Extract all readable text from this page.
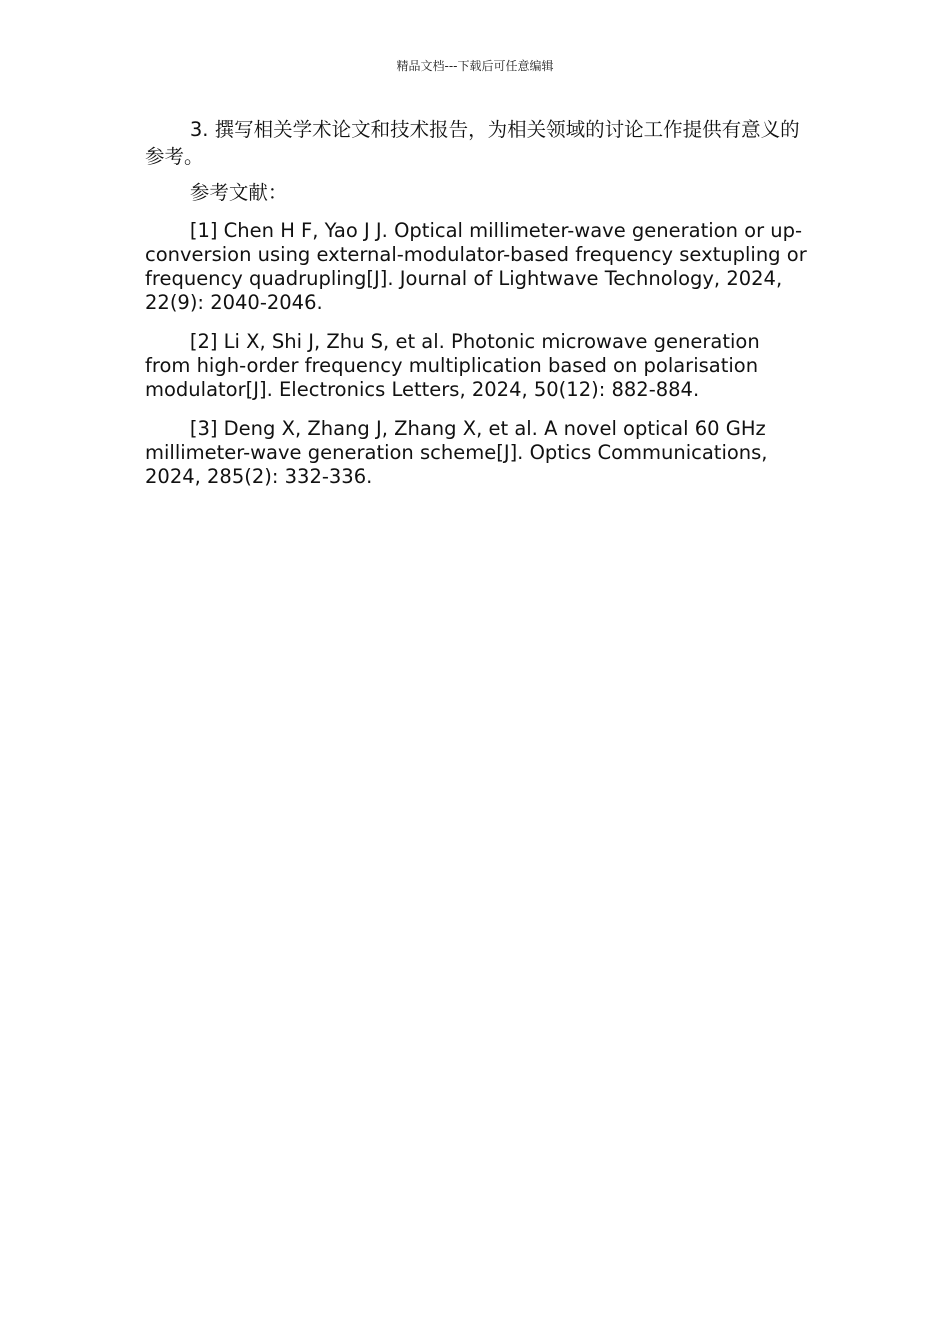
精品文档---下载后可任意编辑

3. 撰写相关学术论文和技术报告，为相关领域的讨论工作提供有意义的参考。

参考文献：

[1] Chen H F, Yao J J. Optical millimeter-wave generation or up-conversion using external-modulator-based frequency sextupling or frequency quadrupling[J]. Journal of Lightwave Technology, 2024, 22(9): 2040-2046.

[2] Li X, Shi J, Zhu S, et al. Photonic microwave generation from high-order frequency multiplication based on polarisation modulator[J]. Electronics Letters, 2024, 50(12): 882-884.

[3] Deng X, Zhang J, Zhang X, et al. A novel optical 60 GHz millimeter-wave generation scheme[J]. Optics Communications, 2024, 285(2): 332-336.
